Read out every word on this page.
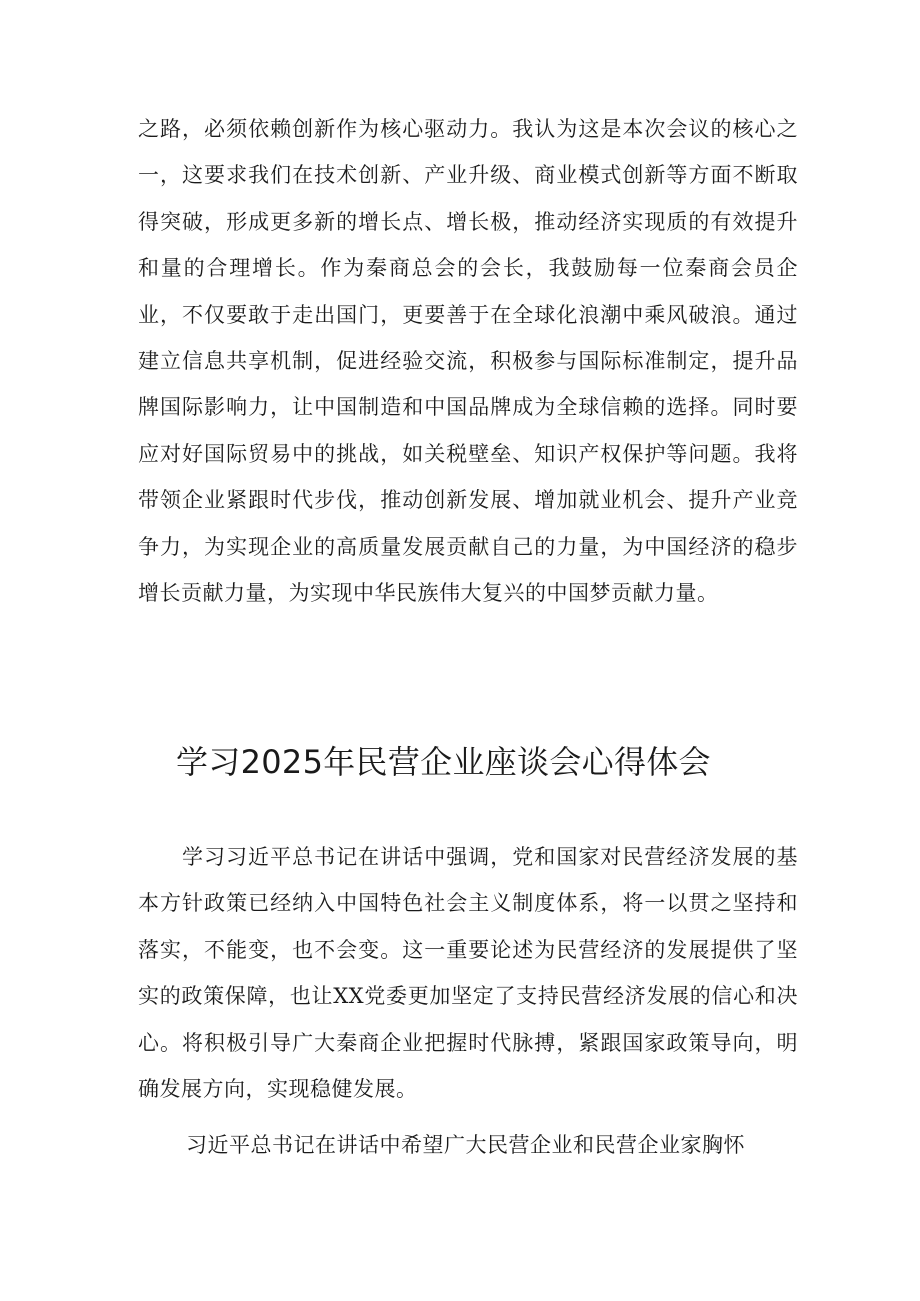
之路，必须依赖创新作为核心驱动力。我认为这是本次会议的核心之一，这要求我们在技术创新、产业升级、商业模式创新等方面不断取得突破，形成更多新的增长点、增长极，推动经济实现质的有效提升和量的合理增长。作为秦商总会的会长，我鼓励每一位秦商会员企业，不仅要敢于走出国门，更要善于在全球化浪潮中乘风破浪。通过建立信息共享机制，促进经验交流，积极参与国际标准制定，提升品牌国际影响力，让中国制造和中国品牌成为全球信赖的选择。同时要应对好国际贸易中的挑战，如关税壁垒、知识产权保护等问题。我将带领企业紧跟时代步伐，推动创新发展、增加就业机会、提升产业竞争力，为实现企业的高质量发展贡献自己的力量，为中国经济的稳步增长贡献力量，为实现中华民族伟大复兴的中国梦贡献力量。

学习2025年民营企业座谈会心得体会

学习习近平总书记在讲话中强调，党和国家对民营经济发展的基本方针政策已经纳入中国特色社会主义制度体系，将一以贯之坚持和落实，不能变，也不会变。这一重要论述为民营经济的发展提供了坚实的政策保障，也让XX党委更加坚定了支持民营经济发展的信心和决心。将积极引导广大秦商企业把握时代脉搏，紧跟国家政策导向，明确发展方向，实现稳健发展。

习近平总书记在讲话中希望广大民营企业和民营企业家胸怀
